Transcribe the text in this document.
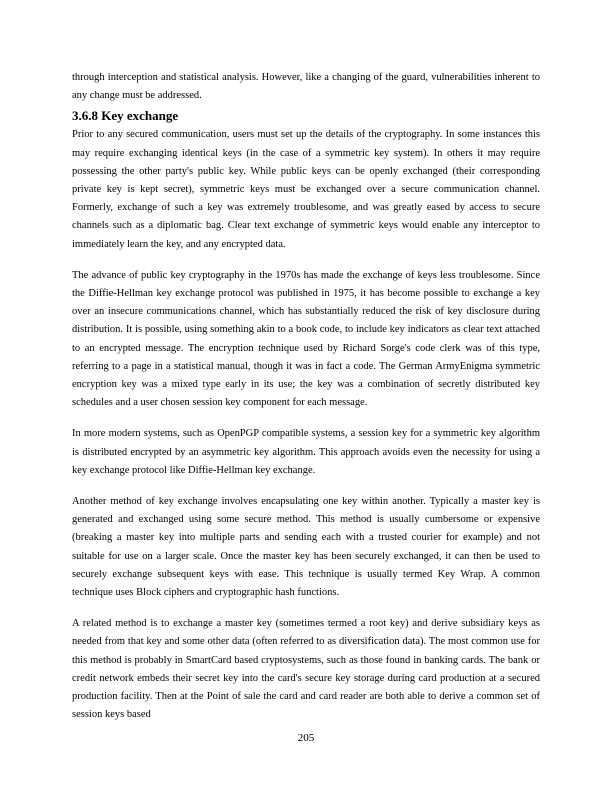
through interception and statistical analysis. However, like a changing of the guard, vulnerabilities inherent to any change must be addressed.

3.6.8 Key exchange

Prior to any secured communication, users must set up the details of the cryptography. In some instances this may require exchanging identical keys (in the case of a symmetric key system). In others it may require possessing the other party's public key. While public keys can be openly exchanged (their corresponding private key is kept secret), symmetric keys must be exchanged over a secure communication channel. Formerly, exchange of such a key was extremely troublesome, and was greatly eased by access to secure channels such as a diplomatic bag. Clear text exchange of symmetric keys would enable any interceptor to immediately learn the key, and any encrypted data.

The advance of public key cryptography in the 1970s has made the exchange of keys less troublesome. Since the Diffie-Hellman key exchange protocol was published in 1975, it has become possible to exchange a key over an insecure communications channel, which has substantially reduced the risk of key disclosure during distribution. It is possible, using something akin to a book code, to include key indicators as clear text attached to an encrypted message. The encryption technique used by Richard Sorge's code clerk was of this type, referring to a page in a statistical manual, though it was in fact a code. The German ArmyEnigma symmetric encryption key was a mixed type early in its use; the key was a combination of secretly distributed key schedules and a user chosen session key component for each message.

In more modern systems, such as OpenPGP compatible systems, a session key for a symmetric key algorithm is distributed encrypted by an asymmetric key algorithm. This approach avoids even the necessity for using a key exchange protocol like Diffie-Hellman key exchange.

Another method of key exchange involves encapsulating one key within another. Typically a master key is generated and exchanged using some secure method. This method is usually cumbersome or expensive (breaking a master key into multiple parts and sending each with a trusted courier for example) and not suitable for use on a larger scale. Once the master key has been securely exchanged, it can then be used to securely exchange subsequent keys with ease. This technique is usually termed Key Wrap. A common technique uses Block ciphers and cryptographic hash functions.

A related method is to exchange a master key (sometimes termed a root key) and derive subsidiary keys as needed from that key and some other data (often referred to as diversification data). The most common use for this method is probably in SmartCard based cryptosystems, such as those found in banking cards. The bank or credit network embeds their secret key into the card's secure key storage during card production at a secured production facility. Then at the Point of sale the card and card reader are both able to derive a common set of session keys based

205
